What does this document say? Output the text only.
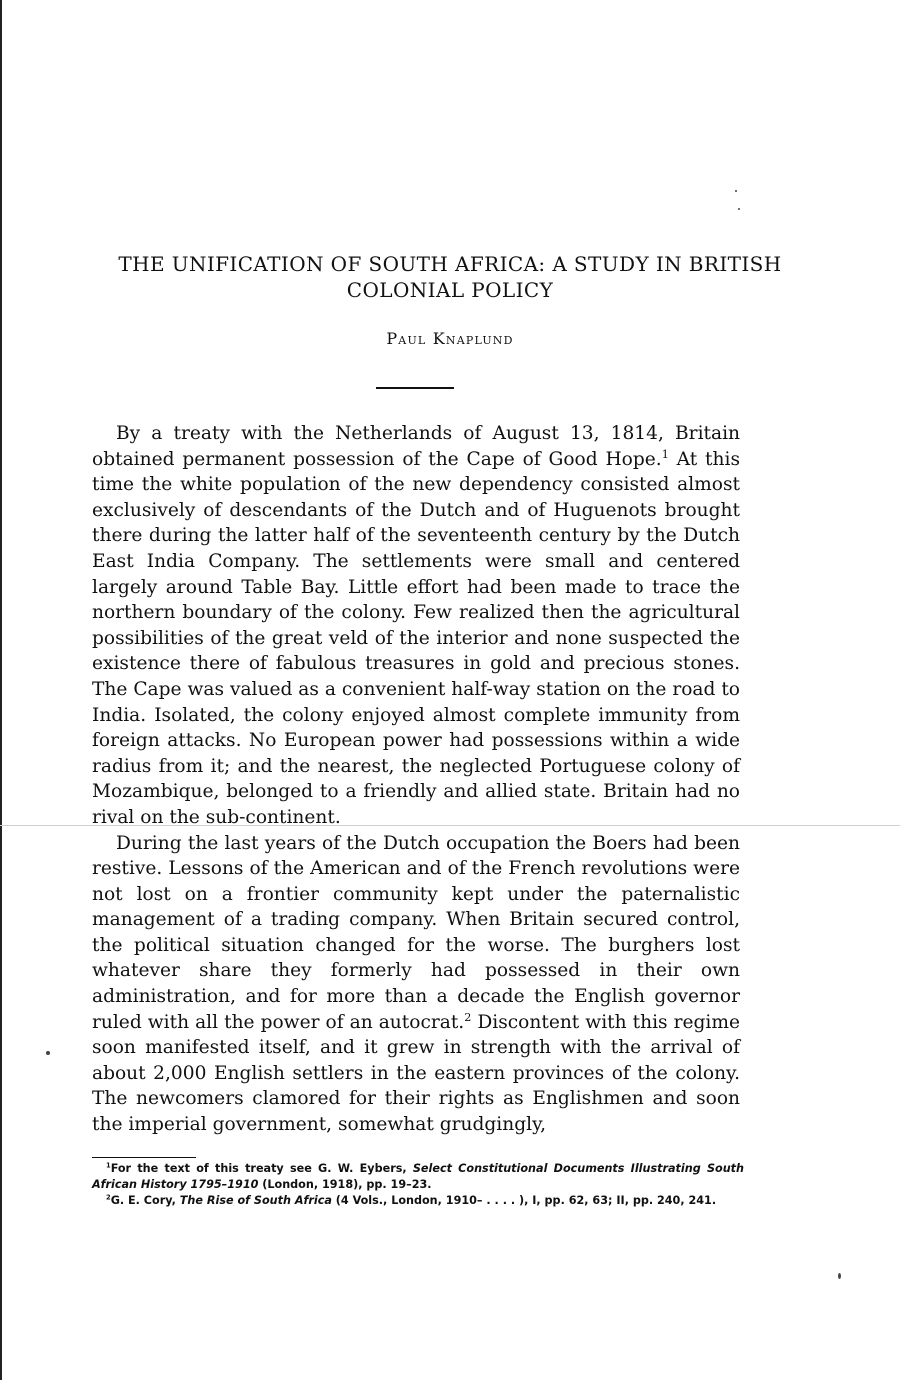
THE UNIFICATION OF SOUTH AFRICA: A STUDY IN BRITISH COLONIAL POLICY
Paul Knaplund

By a treaty with the Netherlands of August 13, 1814, Britain obtained permanent possession of the Cape of Good Hope.$^1$ At this time the white population of the new dependency consisted almost exclusively of descendants of the Dutch and of Huguenots brought there during the latter half of the seventeenth century by the Dutch East India Company. The settlements were small and centered largely around Table Bay. Little effort had been made to trace the northern boundary of the colony. Few realized then the agricultural possibilities of the great veld of the interior and none suspected the existence there of fabulous treasures in gold and precious stones. The Cape was valued as a convenient half-way station on the road to India. Isolated, the colony enjoyed almost complete immunity from foreign attacks. No European power had possessions within a wide radius from it; and the nearest, the neglected Portuguese colony of Mozambique, belonged to a friendly and allied state. Britain had no rival on the sub-continent.

During the last years of the Dutch occupation the Boers had been restive. Lessons of the American and of the French revolutions were not lost on a frontier community kept under the paternalistic management of a trading company. When Britain secured control, the political situation changed for the worse. The burghers lost whatever share they formerly had possessed in their own administration, and for more than a decade the English governor ruled with all the power of an autocrat.$^2$ Discontent with this regime soon manifested itself, and it grew in strength with the arrival of about 2,000 English settlers in the eastern provinces of the colony. The newcomers clamored for their rights as Englishmen and soon the imperial government, somewhat grudgingly,

$^1$For the text of this treaty see G. W. Eybers, Select Constitutional Documents Illustrating South African History 1795–1910 (London, 1918), pp. 19–23.

$^2$G. E. Cory, The Rise of South Africa (4 Vols., London, 1910– . . . . ), I, pp. 62, 63; II, pp. 240, 241.
